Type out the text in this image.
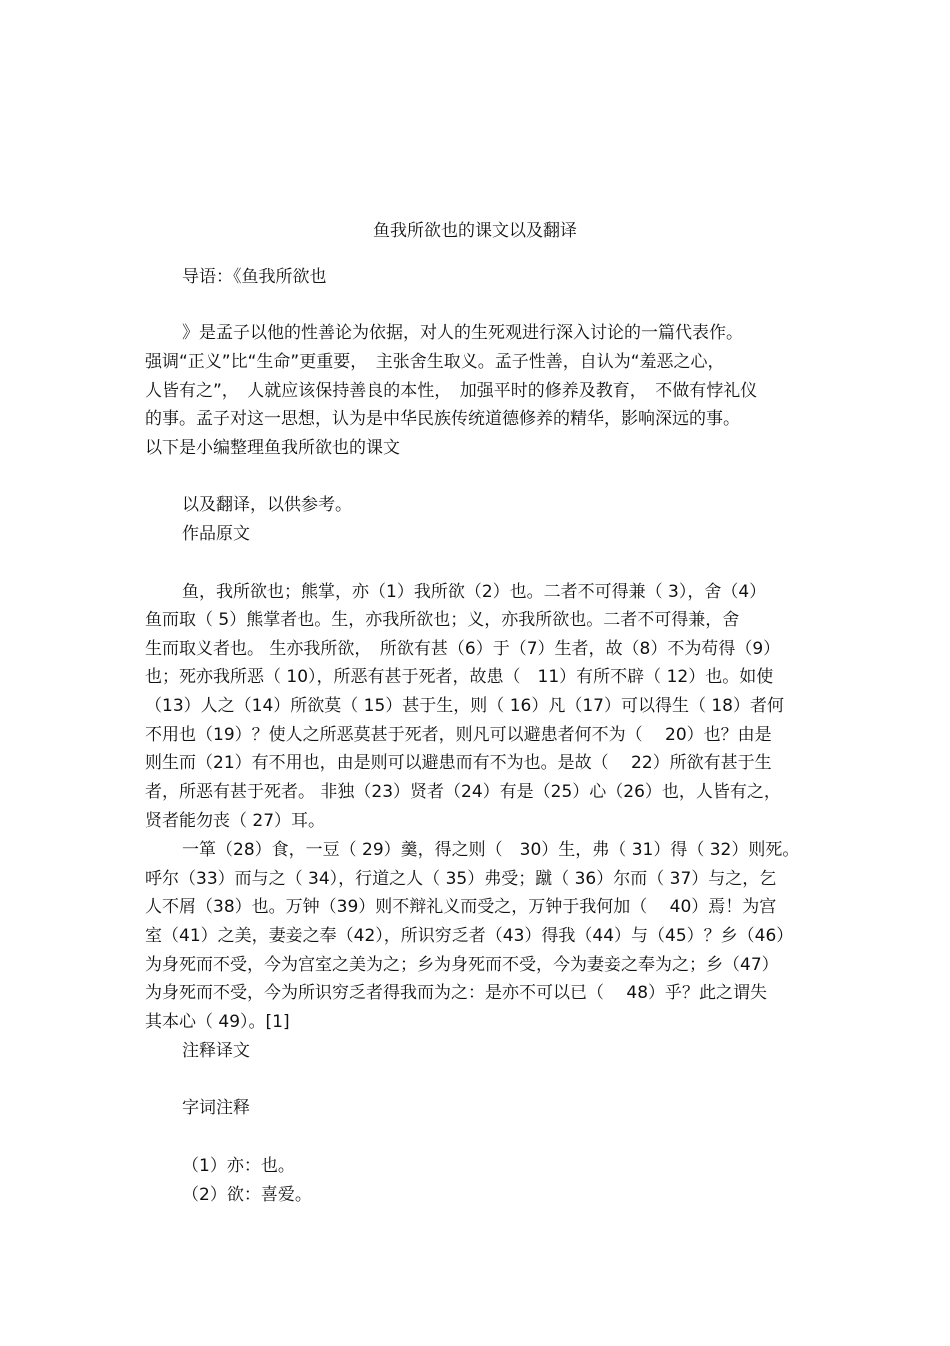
鱼我所欲也的课文以及翻译
导语：《鱼我所欲也
》是孟子以他的性善论为依据，对人的生死观进行深入讨论的一篇代表作。
强调“正义”比“生命”更重要，　主张舍生取义。孟子性善，自认为“羞恶之心，
人皆有之”，　人就应该保持善良的本性，　加强平时的修养及教育，　不做有悖礼仪
的事。孟子对这一思想，认为是中华民族传统道德修养的精华，影响深远的事。
以下是小编整理鱼我所欲也的课文
以及翻译，以供参考。
作品原文
鱼，我所欲也；熊掌，亦（1）我所欲（2）也。二者不可得兼（ 3），舍（4）
鱼而取（ 5）熊掌者也。生，亦我所欲也；义，亦我所欲也。二者不可得兼，舍
生而取义者也。 生亦我所欲，　所欲有甚（6）于（7）生者，故（8）不为苟得（9）
也；死亦我所恶（ 10），所恶有甚于死者，故患（　11）有所不辟（ 12）也。如使
（13）人之（14）所欲莫（ 15）甚于生，则（ 16）凡（17）可以得生（ 18）者何
不用也（19）？使人之所恶莫甚于死者，则凡可以避患者何不为（　 20）也？由是
则生而（21）有不用也，由是则可以避患而有不为也。是故（　 22）所欲有甚于生
者，所恶有甚于死者。 非独（23）贤者（24）有是（25）心（26）也，人皆有之，
贤者能勿丧（ 27）耳。
一箪（28）食，一豆（ 29）羹，得之则（　30）生，弗（ 31）得（ 32）则死。
呼尔（33）而与之（ 34），行道之人（ 35）弗受；蹴（ 36）尔而（ 37）与之，乞
人不屑（38）也。万钟（39）则不辩礼义而受之，万钟于我何加（　 40）焉！为宫
室（41）之美，妻妾之奉（42），所识穷乏者（43）得我（44）与（45）？乡（46）
为身死而不受，今为宫室之美为之；乡为身死而不受，今为妻妾之奉为之；乡（47）
为身死而不受，今为所识穷乏者得我而为之：是亦不可以已（　 48）乎？此之谓失
其本心（ 49）。[1]
注释译文
字词注释
（1）亦：也。
（2）欲：喜爱。
